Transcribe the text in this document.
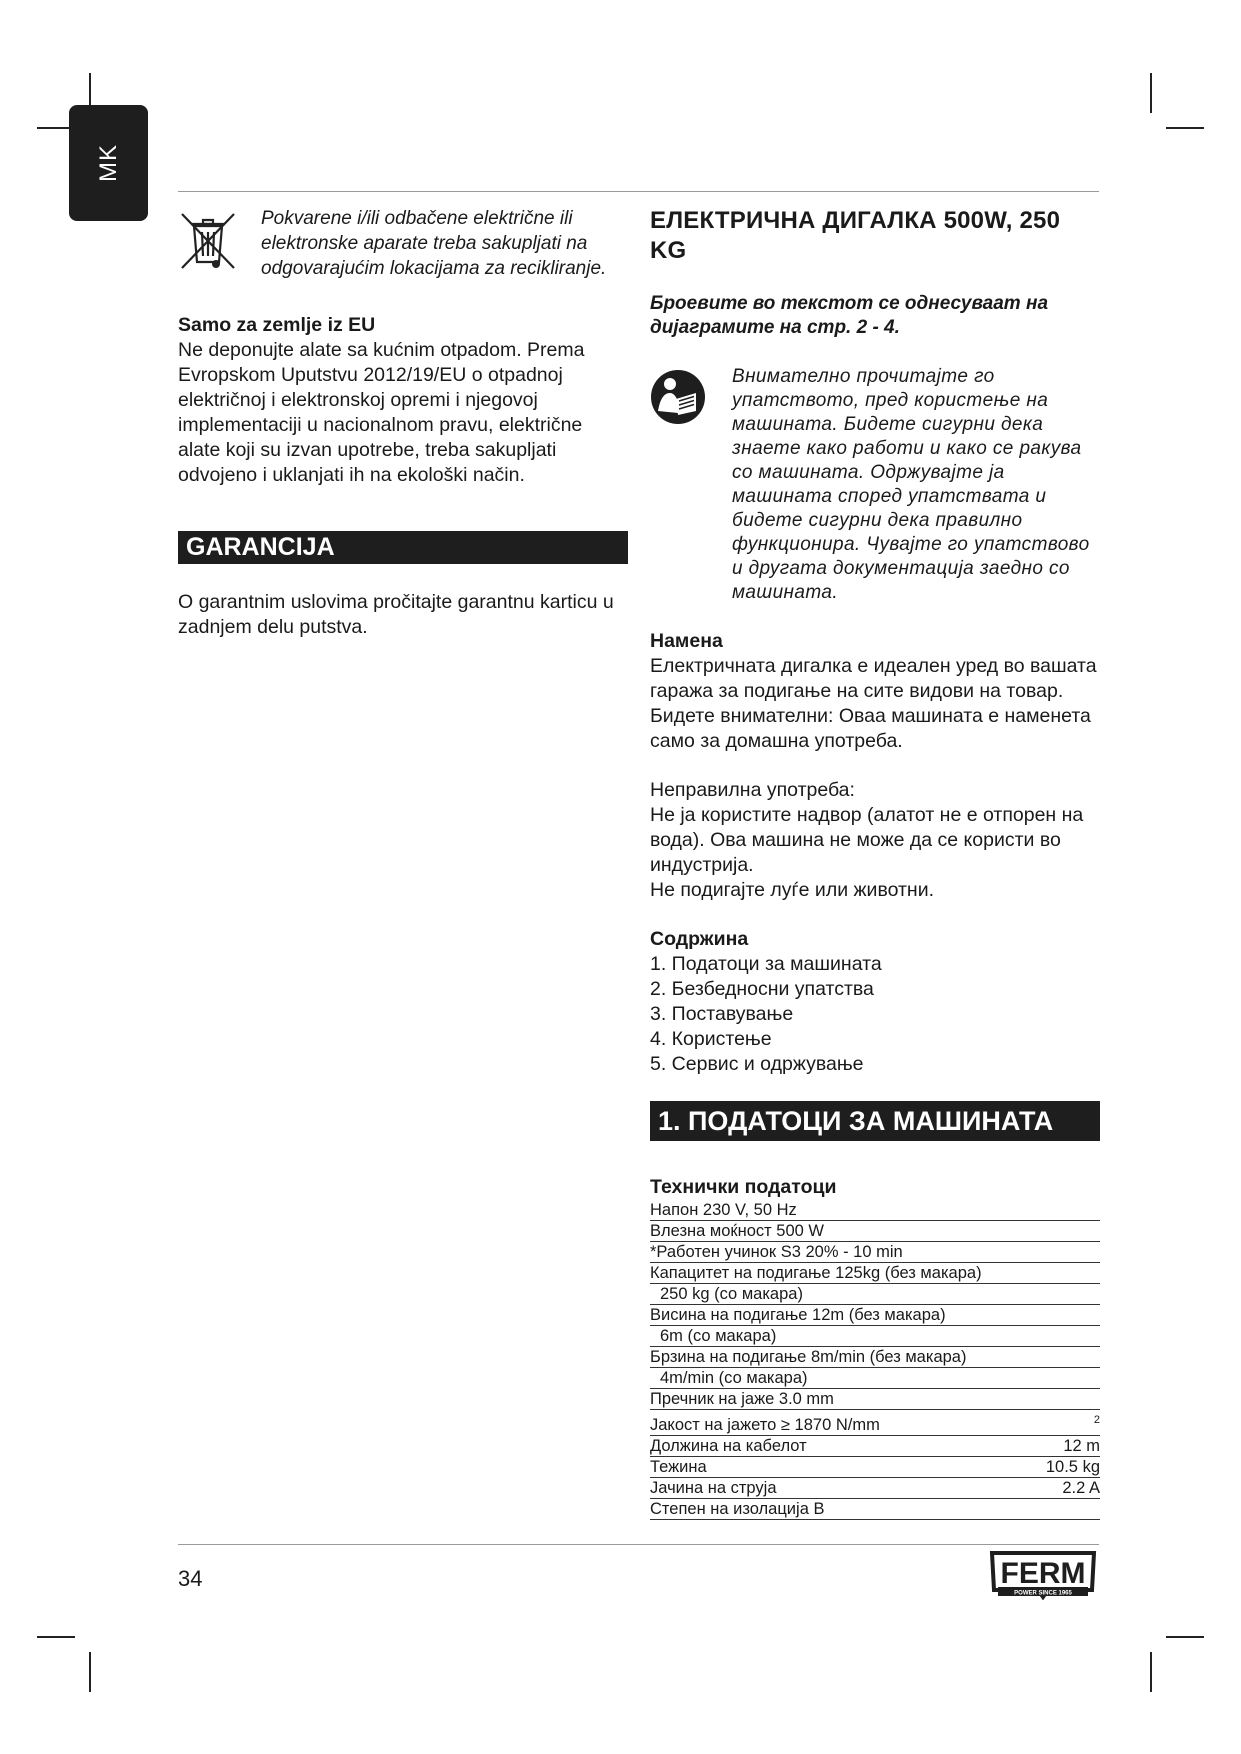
MK
Pokvarene i/ili odbačene električne ili elektronske aparate treba sakupljati na odgovarajućim lokacijama za recikliranje.
Samo za zemlje iz EU

Ne deponujte alate sa kućnim otpadom. Prema Evropskom Uputstvu 2012/19/EU o otpadnoj električnoj i elektronskoj opremi i njegovoj implementaciji u nacionalnom pravu, električne alate koji su izvan upotrebe, treba sakupljati odvojeno i uklanjati ih na ekološki način.

GARANCIJA

O garantnim uslovima pročitajte garantnu karticu u zadnjem delu putstva.

ЕЛЕКТРИЧНА ДИГАЛКА 500W, 250 KG

Броевите во текстот се однесуваат на дијаграмите на стр. 2 - 4.

Внимателно прочитајте го упатството, пред користење на машината. Бидете сигурни дека знаете како работи и како се ракува со машината. Одржувајте ја машината според упатствата и бидете сигурни дека правилно функционира. Чувајте го упатствово и другата документација заедно со машината.

Намена

Електричната дигалка е идеален уред во вашата гаража за подигање на сите видови на товар. Бидете внимателни: Оваа машината е наменета само за домашна употреба.

Неправилна употреба:

Не ја користите надвор (алатот не е отпорен на вода). Ова машина не може да се користи во индустрија.

Не подигајте луѓе или животни.

Содржина

1. Податоци за машината

2. Безбедносни упатства

3. Поставување

4. Користење

5. Сервис и одржување

1. ПОДАТОЦИ ЗА МАШИНАТА
Технички податоци
Напон 230 V, 50 Hz	
Влезна моќност 500 W	
*Работен учинок S3 20% - 10 min	
Капацитет на подигање 125kg (без макара)	
250 kg (со макара)	
Висина на подигање 12m (без макара)	
6m (со макара)	
Брзина на подигање 8m/min (без макара)	
4m/min (со макара)	
Пречник на јаже 3.0 mm	
Јакост на јажето ≥ 1870 N/mm	$^2$
Должина на кабелот	12 m
Тежина	10.5 kg
Јачина на струја	2.2 A
Степен на изолација B	
34	FERM
POWER SINCE 1965
